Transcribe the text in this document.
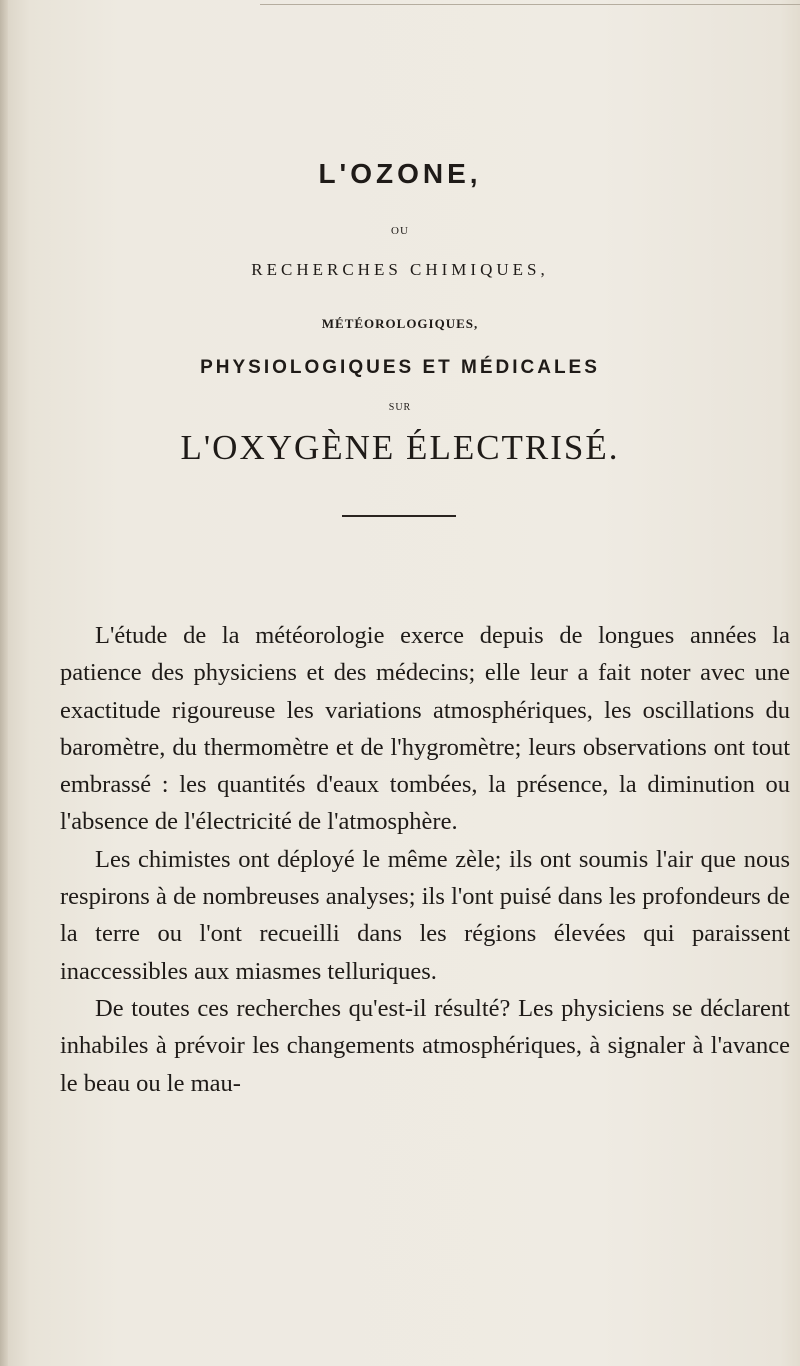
L'OZONE,
OU
RECHERCHES CHIMIQUES,
MÉTÉOROLOGIQUES,
PHYSIOLOGIQUES ET MÉDICALES
SUR
L'OXYGÈNE ÉLECTRISÉ.

L'étude de la météorologie exerce depuis de longues années la patience des physiciens et des médecins; elle leur a fait noter avec une exactitude rigoureuse les variations atmosphériques, les oscillations du baromètre, du thermomètre et de l'hygromètre; leurs observations ont tout embrassé : les quantités d'eaux tombées, la présence, la diminution ou l'absence de l'électricité de l'atmosphère.

Les chimistes ont déployé le même zèle; ils ont soumis l'air que nous respirons à de nombreuses analyses; ils l'ont puisé dans les profondeurs de la terre ou l'ont recueilli dans les régions élevées qui paraissent inaccessibles aux miasmes telluriques.

De toutes ces recherches qu'est-il résulté? Les physiciens se déclarent inhabiles à prévoir les changements atmosphériques, à signaler à l'avance le beau ou le mau-
